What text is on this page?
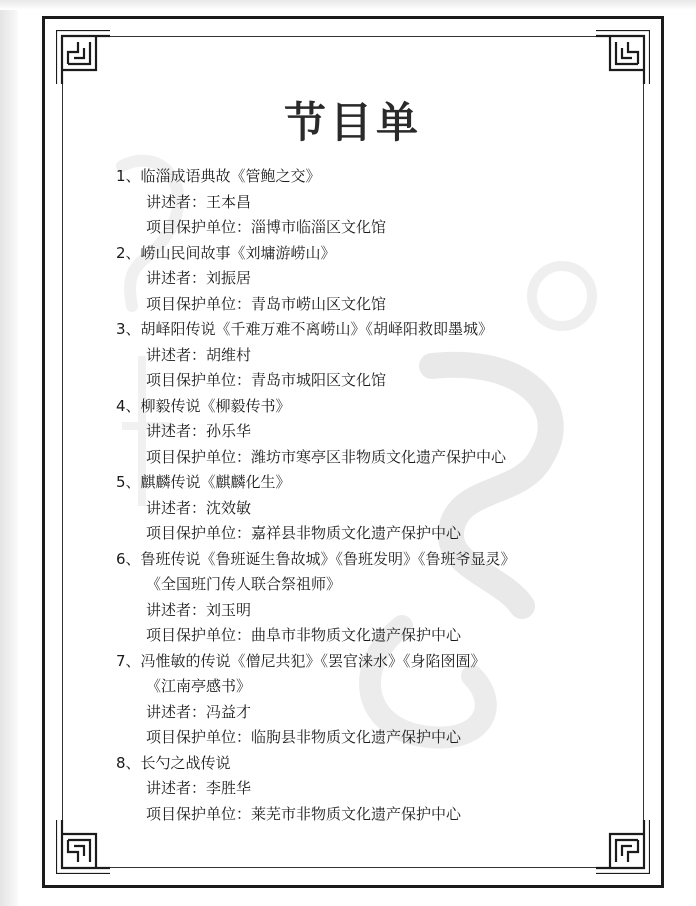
节目单
1、临淄成语典故《管鲍之交》
讲述者：王本昌
项目保护单位：淄博市临淄区文化馆
2、崂山民间故事《刘墉游崂山》
讲述者：刘振居
项目保护单位：青岛市崂山区文化馆
3、胡峄阳传说《千难万难不离崂山》《胡峄阳救即墨城》
讲述者：胡维村
项目保护单位：青岛市城阳区文化馆
4、柳毅传说《柳毅传书》
讲述者：孙乐华
项目保护单位：潍坊市寒亭区非物质文化遗产保护中心
5、麒麟传说《麒麟化生》
讲述者：沈效敏
项目保护单位：嘉祥县非物质文化遗产保护中心
6、鲁班传说《鲁班诞生鲁故城》《鲁班发明》《鲁班爷显灵》
《全国班门传人联合祭祖师》
讲述者：刘玉明
项目保护单位：曲阜市非物质文化遗产保护中心
7、冯惟敏的传说《僧尼共犯》《罢官涞水》《身陷囹圄》
《江南亭感书》
讲述者：冯益才
项目保护单位：临朐县非物质文化遗产保护中心
8、长勺之战传说
讲述者：李胜华
项目保护单位：莱芜市非物质文化遗产保护中心
